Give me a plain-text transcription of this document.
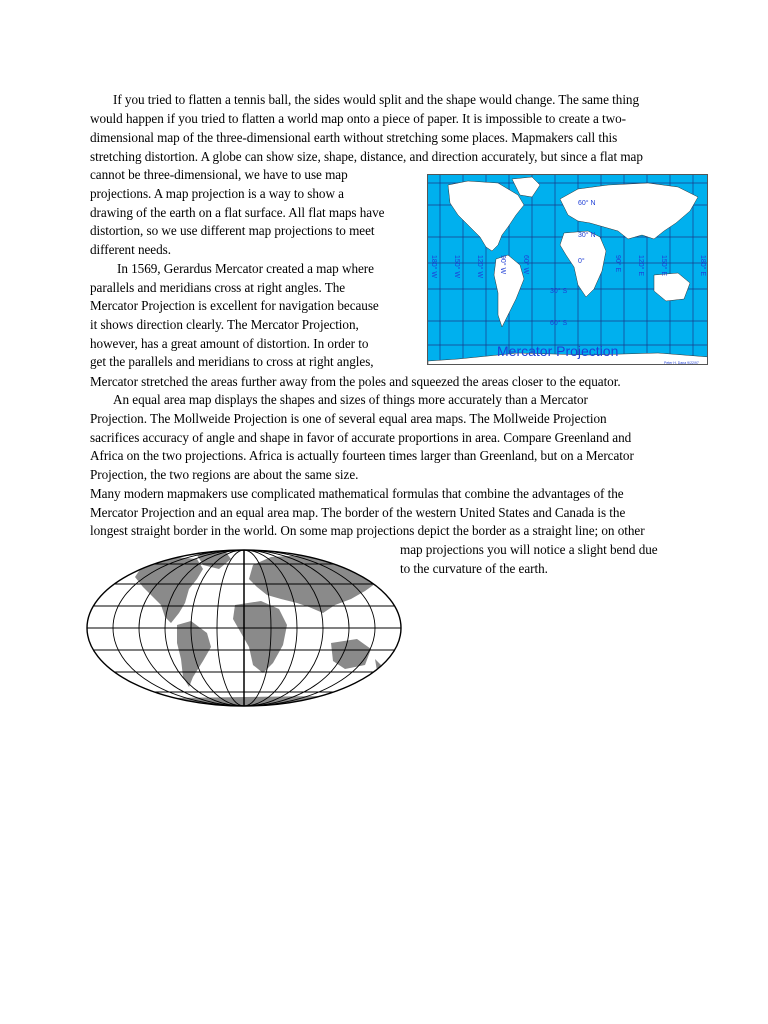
If you tried to flatten a tennis ball, the sides would split and the shape would change. The same thing
would happen if you tried to flatten a world map onto a piece of paper. It is impossible to create a two-
dimensional map of the three-dimensional earth without stretching some places. Mapmakers call this
stretching distortion. A globe can show size, shape, distance, and direction accurately, but since a flat map
cannot be three-dimensional, we have to use map
projections. A map projection is a way to show a
drawing of the earth on a flat surface. All flat maps have
distortion, so we use different map projections to meet
different needs.
In 1569, Gerardus Mercator created a map where
parallels and meridians cross at right angles. The
Mercator Projection is excellent for navigation because
it shows direction clearly. The Mercator Projection,
however, has a great amount of distortion. In order to
get the parallels and meridians to cross at right angles,
Mercator stretched the areas further away from the poles and squeezed the areas closer to the equator.
An equal area map displays the shapes and sizes of things more accurately than a Mercator
Projection. The Mollweide Projection is one of several equal area maps. The Mollweide Projection
sacrifices accuracy of angle and shape in favor of accurate proportions in area. Compare Greenland and
Africa on the two projections. Africa is actually fourteen times larger than Greenland, but on a Mercator
Projection, the two regions are about the same size.
Many modern mapmakers use complicated mathematical formulas that combine the advantages of the
Mercator Projection and an equal area map. The border of the western United States and Canada is the
longest straight border in the world. On some map projections depict the border as a straight line; on other
map projections you will notice a slight bend due
to the curvature of the earth.
60° N
30° N
0°
30° S
60° S
180° W 150° W 120° W 90° W 60° W	90° E 120° E 150° E	180° E
Mercator Projection
Peter H. Dana 9/22/97
